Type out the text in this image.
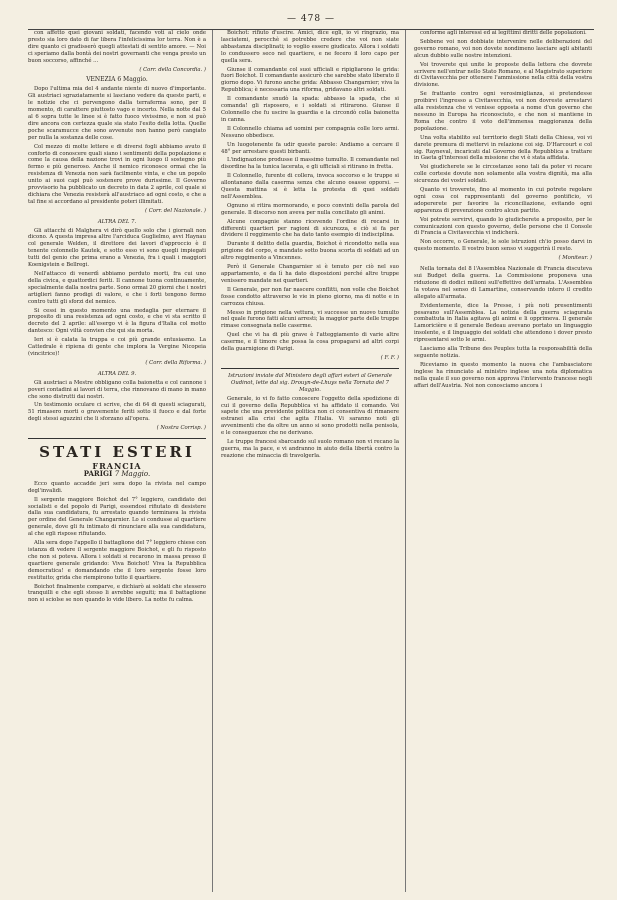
— 478 —

con affetto quei giovani soldati, facendo voti al cielo onde presto sia loro dato di far libera l'infelicissima lor terra. Non è a dire quanto ci gradisserò quegli attestati di sentito amore. — Noi ci speriamo dalla bontà dei nostri governanti che venga presto un buon soccorso, affinché ...

( Corr. della Concordia. )

VENEZIA 6 Maggio.

Dopo l'ultima mia del 4 andante niente di nuovo d'importante. Gli austriaci sgraziatamente si lasciano vedere da queste parti, e le notizie che ci pervengono dalla terraferma sono, per il momento, di carattere piuttosto vago e incerto. Nella notte dal 5 al 6 sopra tutte le linee si è fatto fuoco vivissimo, e non si può dire ancora con certezza quale sia stato l'esito della lotta. Quelle poche scaramucce che sono avvenute non hanno però cangiato per nulla la sostanza delle cose.

Col mezzo di molte lettere e di diversi fogli abbiamo avuto il conforto di conoscere quali siano i sentimenti della popolazione e come la causa della nazione trovi in ogni luogo il sostegno più fermo e più generoso. Anche il nemico riconosce ormai che la resistenza di Venezia non sarà facilmente vinta, e che un popolo unito ai suoi capi può sostenere prove durissime. Il Governo provvisorio ha pubblicato un decreto in data 2 aprile, col quale si dichiara che Venezia resisterà all'austriaco ad ogni costo, e che a tal fine si accordano al presidente poteri illimitati.

( Corr. del Nazionale. )

ALTRA DEL 7.

Gli attacchi di Malghera vi dirò quello solo che i giornali non dicono. A questa impresa altre l'arciduca Guglielmo, avvi Haynau col generale Welden, il direttore dei lavori d'approccio è il tenente colonnello Kautek, e sotto esso vi sono quegli impiegati tutti del genio che prima erano a Venezia, fra i quali i maggiori Koenigstein e Bellregi.

Nell'attacco di venerdì abbiamo perduto morti, fra cui uno della civica, e quattordici feriti. Il cannone tuona continuamente, specialmente dalla nostra parte. Sono ormai 20 giorni che i nostri artiglieri fanno prodigi di valore, e che i forti tengono fermo contro tutti gli sforzi del nemico.

Si cessi in questo momento una medaglia per eternare il proposito di una resistenza ad ogni costo, e che vi sta scritto il decreto del 2 aprile: all'esergo vi è la figura d'Italia col motto dantesco: Ogni viltà convien che qui sia morta.

Ieri si è calata la truppa e coi più grande entusiasmo. La Cattedrale è ripiena di gente che implora la Vergine Nicopeia (vincitrice)!

( Corr. della Riforma. )

ALTRA DEL 9.

Gli austriaci a Mestre obbligano colla baionetta e col cannone i poveri contadini ai lavori di terra, che rinnovano di mano in mano che sono distrutti dai nostri.

Un testimonio oculare ci scrive, che di 64 di questi sciagurati, 51 rimasero morti o gravemente feriti sotto il fuoco e dal forte degli stessi aguzzini che li sforzano all'opera.

( Nostra Corrisp. )

STATI ESTERI
FRANCIA
PARIGI 7 Maggio.

Ecco quanto accadde jeri sera dopo la rivista nel campo degl'invalidi.

Il sergente maggiore Boichot del 7° leggiero, candidato dei socialisti e del popolo di Parigi, essendosi rifiutato di desistere dalla sua candidatura, fu arrestato quando terminava la rivista per ordine del Generale Changarnier. Lo si condusse al quartiere generale, dove gli fu intimato di rinunciare alla sua candidatura, al che egli rispose rifiutando.

Alla sera dopo l'appello il battaglione del 7° leggiero chiese con istanza di vedere il sergente maggiore Boichot, e gli fu risposto che non si poteva. Allora i soldati si recarono in massa presso il quartiere generale gridando: Viva Boichot! Viva la Repubblica democratica! e domandando che il loro sergente fosse loro restituito; grida che riempirono tutto il quartiere.

Boichot finalmente comparve, e dichiarò ai soldati che stessero tranquilli e che egli stesso li avrebbe seguiti; ma il battaglione non si sciolse se non quando lo vide libero. La notte fu calma.

Boichot: rifiuto d'uscire. Amici, dice egli, io vi ringrazio, ma lasciatemi, perocchè si potrebbe credere che voi non siate abbastanza disciplinati; io voglio essere giudicato. Allora i soldati lo condussero seco nel quartiere, e ne fecero il loro capo per quella sera.

Giunse il comandante col suoi ufficiali e ripigliarono le grida: fuori Boichot. Il comandante assicurò che sarebbe stato liberato il giorno dopo. Vi furono anche grida: Abbasso Changarnier; viva la Repubblica; è necessaria una riforma, gridavano altri soldati.

Il comandante snudò la spada: abbasso la spada, che si comanda! gli risposero, e i soldati si ritirarono. Giunse il Colonnello che fu uscire la guardia e la circondò colla baionetta in canna.

Il Colonnello chiama ad uomini per compagnia colle loro armi. Nessuno obbedisce.

Un luogotenente fa udir queste parole: Andiamo a cercare il 48° per arrestare questi birbanti.

L'indignazione produsse il massimo tumulto. Il comandante nel disordine ha la tunica lacerata, e gli ufficiali si ritirano in fretta.

Il Colonnello, furente di collera, invoca soccorso e le truppe si allontanano dalla caserma senza che alcuno osasse opporsi. — Questa mattina si è letta la protesta di quei soldati nell'Assemblea.

Ognuno si ritira mormorando, e poco convinti della parola del generale. Il discorso non aveva per nulla conciliato gli animi.

Alcune compagnie stanno ricevendo l'ordine di recarsi in differenti quartieri per ragioni di sicurezza, e ciò si fa per dividere il reggimento che ha dato tanto esempio di indisciplina.

Durante il delitto della guardia, Boichot è ricondotto nella sua prigione del corpo, e mandato sotto buona scorta di soldati ad un altro reggimento a Vincennes.

Però il Generale Changarnier si è tenuto per ciò nel suo appartamento, e da lì ha dato disposizioni perché altre truppe venissero mandate nei quartieri.

Il Generale, per non far nascere conflitti, non volle che Boichot fosse condotto attraverso le vie in pieno giorno, ma di notte e in carrozza chiusa.

Messo in prigione nella vettura, vi successe un nuovo tumulto nel quale furono fatti alcuni arresti; la maggior parte delle truppe rimase consegnata nelle caserme.

Quel che vi ha di più grave è l'atteggiamento di varie altre caserme, e il timore che possa la cosa propagarsi ad altri corpi della guarnigione di Parigi.

( F. F. )

Istruzioni inviate dal Ministero degli affari esteri al Generale Oudinot, lette dal sig. Drouyn-de-Lhuys nella Tornata del 7 Maggio.

Generale, io vi fo fatto conoscere l'oggetto della spedizione di cui il governo della Repubblica vi ha affidato il comando. Voi sapete che una previdente politica non ci consentiva di rimanere estranei alla crisi che agita l'Italia. Vi saranno noti gli avvenimenti che da oltre un anno si sono prodotti nella penisola, e le conseguenze che ne derivano.

Le truppe francesi sbarcando sul suolo romano non vi recano la guerra, ma la pace, e vi andranno in aiuto della libertà contro la reazione che minaccia di travolgerla.

conforme agli interessi ed ai legittimi diritti delle popolazioni.

Sebbene voi non dobbiate intervenire nelle deliberazioni del governo romano, voi non dovete nondimeno lasciare agli abitanti alcun dubbio sulle nostre intenzioni.

Voi troverete qui unite le proposte della lettera che dovrete scrivere nell'entrar nello Stato Romano, e al Magistrato superiore di Civitavecchia per ottenere l'ammissione nella città della vostra divisione.

Se frattanto contro ogni verosimiglianza, si pretendesse proibirvi l'ingresso a Civitavecchia, voi non dovreste arrestarvi alla resistenza che vi venisse opposta a nome d'un governo che nessuno in Europa ha riconosciuto, e che non si mantiene in Roma che contro il voto dell'immensa maggioranza della popolazione.

Una volta stabilito sul territorio degli Stati della Chiesa, voi vi darete premura di mettervi in relazione coi sig. D'Harcourt e col sig. Rayneval, incaricati dal Governo della Repubblica a trattare in Gaeta gl'interessi della missione che vi è stata affidata.

Voi giudicherete se le circostanze sono tali da poter vi recare colle cortesie dovute non solamente alla vostra dignità, ma alla sicurezza dei vostri soldati.

Quanto vi troverete, fino al momento in cui potrete regolare ogni cosa coi rappresentanti del governo pontificio, vi adopererete per favorire la riconciliazione, evitando ogni apparenza di prevenzione contro alcun partito.

Voi potrete servirvi, quando lo giudicherete a proposito, per le comunicazioni con questo governo, delle persone che il Console di Francia a Civitavecchia vi indicherà.

Non occorre, o Generale, le sole istruzioni ch'io posso darvi in questo momento. Il vostro buon senso vi suggerirà il resto.

( Moniteur. )

Nella tornata del 8 l'Assemblea Nazionale di Francia discuteva sui Budget della guerra. La Commissione proponeva una riduzione di dodici milioni sull'effettivo dell'armata. L'Assemblea la votava nel senso di Lamartine, conservando intero il credito allegato all'armata.

Evidentemente, dice la Presse, i più noti presentimenti pesavano sull'Assemblea. La notizia della guerra sciagurata combattuta in Italia agitava gli animi e li opprimeva. Il generale Lamoricière e il generale Bedeau avevano portato un linguaggio insolente, e il linguaggio dei soldati che attendono i dover presto ripresentarsi sotto le armi.

Lasciamo alla Tribune des Peuples tutta la responsabilità della seguente notizia.

Riceviamo in questo momento la nuova che l'ambasciatore inglese ha rinunciato al ministro inglese una nota diplomatica nella quale il suo governo non approva l'intervento francese negli affari dell'Austria. Noi non conosciamo ancora i
